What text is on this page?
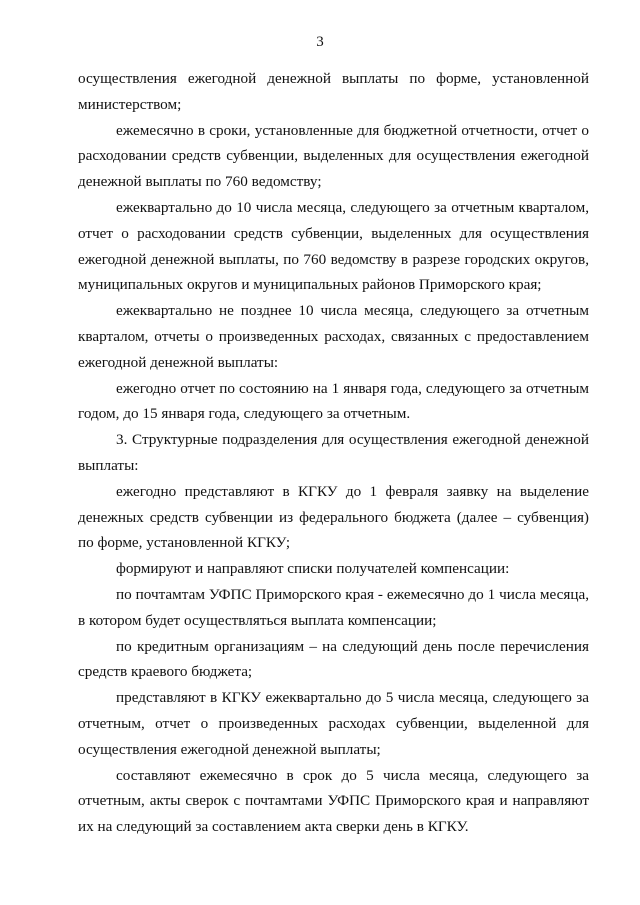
3

осуществления ежегодной денежной выплаты по форме, установленной министерством;

ежемесячно в сроки, установленные для бюджетной отчетности, отчет о расходовании средств субвенции, выделенных для осуществления ежегодной денежной выплаты по 760 ведомству;

ежеквартально до 10 числа месяца, следующего за отчетным кварталом, отчет о расходовании средств субвенции, выделенных для осуществления ежегодной денежной выплаты, по 760 ведомству в разрезе городских округов, муниципальных округов и муниципальных районов Приморского края;

ежеквартально не позднее 10 числа месяца, следующего за отчетным кварталом, отчеты о произведенных расходах, связанных с предоставлением ежегодной денежной выплаты:

ежегодно отчет по состоянию на 1 января года, следующего за отчетным годом, до 15 января года, следующего за отчетным.

3. Структурные подразделения для осуществления ежегодной денежной выплаты:

ежегодно представляют в КГКУ до 1 февраля заявку на выделение денежных средств субвенции из федерального бюджета (далее – субвенция) по форме, установленной КГКУ;

формируют и направляют списки получателей компенсации:

по почтамтам УФПС Приморского края - ежемесячно до 1 числа месяца, в котором будет осуществляться выплата компенсации;

по кредитным организациям – на следующий день после перечисления средств краевого бюджета;

представляют в КГКУ ежеквартально до 5 числа месяца, следующего за отчетным, отчет о произведенных расходах субвенции, выделенной для осуществления ежегодной денежной выплаты;

составляют ежемесячно в срок до 5 числа месяца, следующего за отчетным, акты сверок с почтамтами УФПС Приморского края и направляют их на следующий за составлением акта сверки день в КГКУ.
